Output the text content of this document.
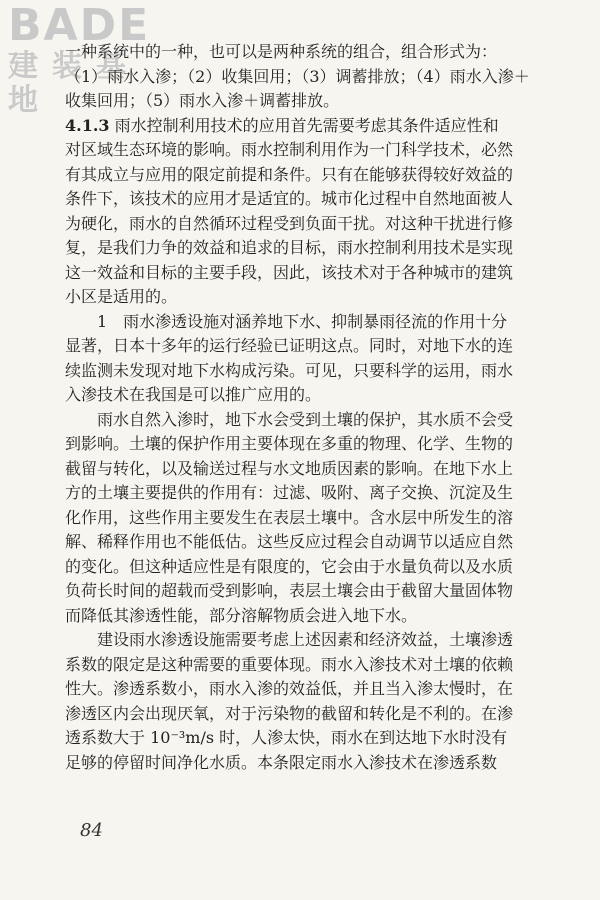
BADE
建装基地
一种系统中的一种，也可以是两种系统的组合，组合形式为：
（1）雨水入渗；（2）收集回用；（3）调蓄排放；（4）雨水入渗＋
收集回用；（5）雨水入渗＋调蓄排放。
4.1.3 雨水控制利用技术的应用首先需要考虑其条件适应性和
对区域生态环境的影响。雨水控制利用作为一门科学技术，必然
有其成立与应用的限定前提和条件。只有在能够获得较好效益的
条件下，该技术的应用才是适宜的。城市化过程中自然地面被人
为硬化，雨水的自然循环过程受到负面干扰。对这种干扰进行修
复，是我们力争的效益和追求的目标，雨水控制利用技术是实现
这一效益和目标的主要手段，因此，该技术对于各种城市的建筑
小区是适用的。
1　雨水渗透设施对涵养地下水、抑制暴雨径流的作用十分
显著，日本十多年的运行经验已证明这点。同时，对地下水的连
续监测未发现对地下水构成污染。可见，只要科学的运用，雨水
入渗技术在我国是可以推广应用的。
雨水自然入渗时，地下水会受到土壤的保护，其水质不会受
到影响。土壤的保护作用主要体现在多重的物理、化学、生物的
截留与转化，以及输送过程与水文地质因素的影响。在地下水上
方的土壤主要提供的作用有：过滤、吸附、离子交换、沉淀及生
化作用，这些作用主要发生在表层土壤中。含水层中所发生的溶
解、稀释作用也不能低估。这些反应过程会自动调节以适应自然
的变化。但这种适应性是有限度的，它会由于水量负荷以及水质
负荷长时间的超载而受到影响，表层土壤会由于截留大量固体物
而降低其渗透性能，部分溶解物质会进入地下水。
建设雨水渗透设施需要考虑上述因素和经济效益，土壤渗透
系数的限定是这种需要的重要体现。雨水入渗技术对土壤的依赖
性大。渗透系数小，雨水入渗的效益低，并且当入渗太慢时，在
渗透区内会出现厌氧，对于污染物的截留和转化是不利的。在渗
透系数大于 10⁻³m/s 时，人渗太快，雨水在到达地下水时没有
足够的停留时间净化水质。本条限定雨水入渗技术在渗透系数
84
